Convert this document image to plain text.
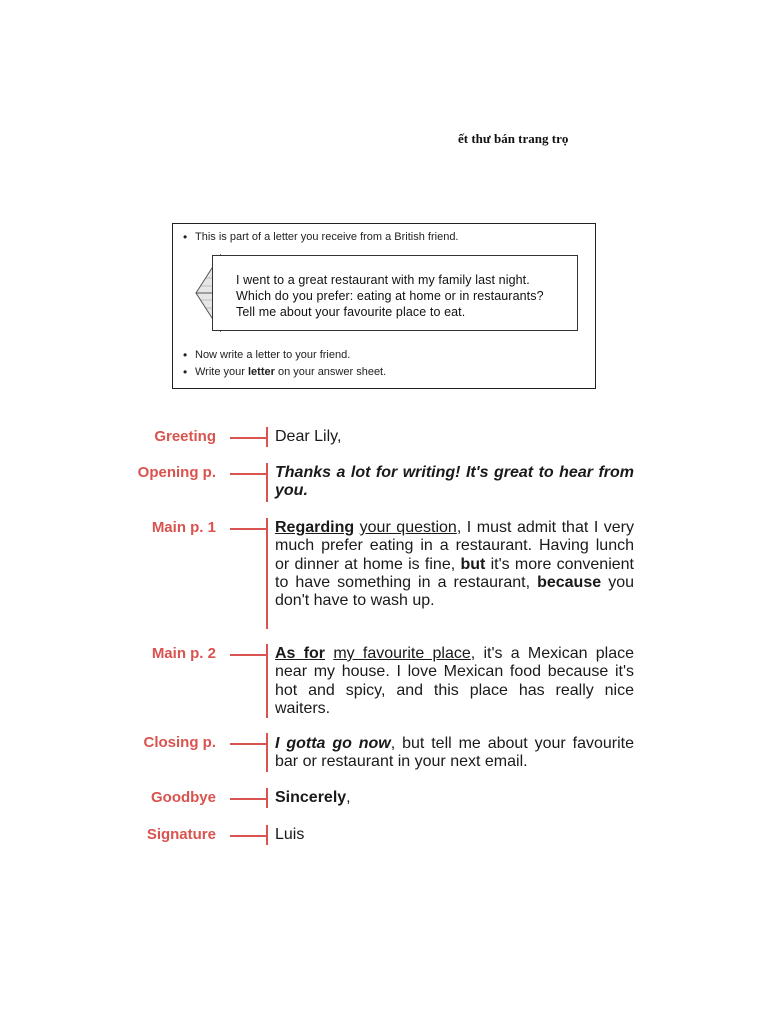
ết thư bán trang trọ
• This is part of a letter you receive from a British friend.
I went to a great restaurant with my family last night.
Which do you prefer: eating at home or in restaurants?
Tell me about your favourite place to eat.
• Now write a letter to your friend.
• Write your letter on your answer sheet.
Greeting	Dear Lily,
Opening p.	Thanks a lot for writing! It's great to hear from you.
Main p. 1	Regarding your question, I must admit that I very much prefer eating in a restaurant. Having lunch or dinner at home is fine, but it's more convenient to have something in a restaurant, because you don't have to wash up.
Main p. 2	As for my favourite place, it's a Mexican place near my house. I love Mexican food because it's hot and spicy, and this place has really nice waiters.
Closing p.	I gotta go now, but tell me about your favourite bar or restaurant in your next email.
Goodbye	Sincerely,
Signature	Luis
